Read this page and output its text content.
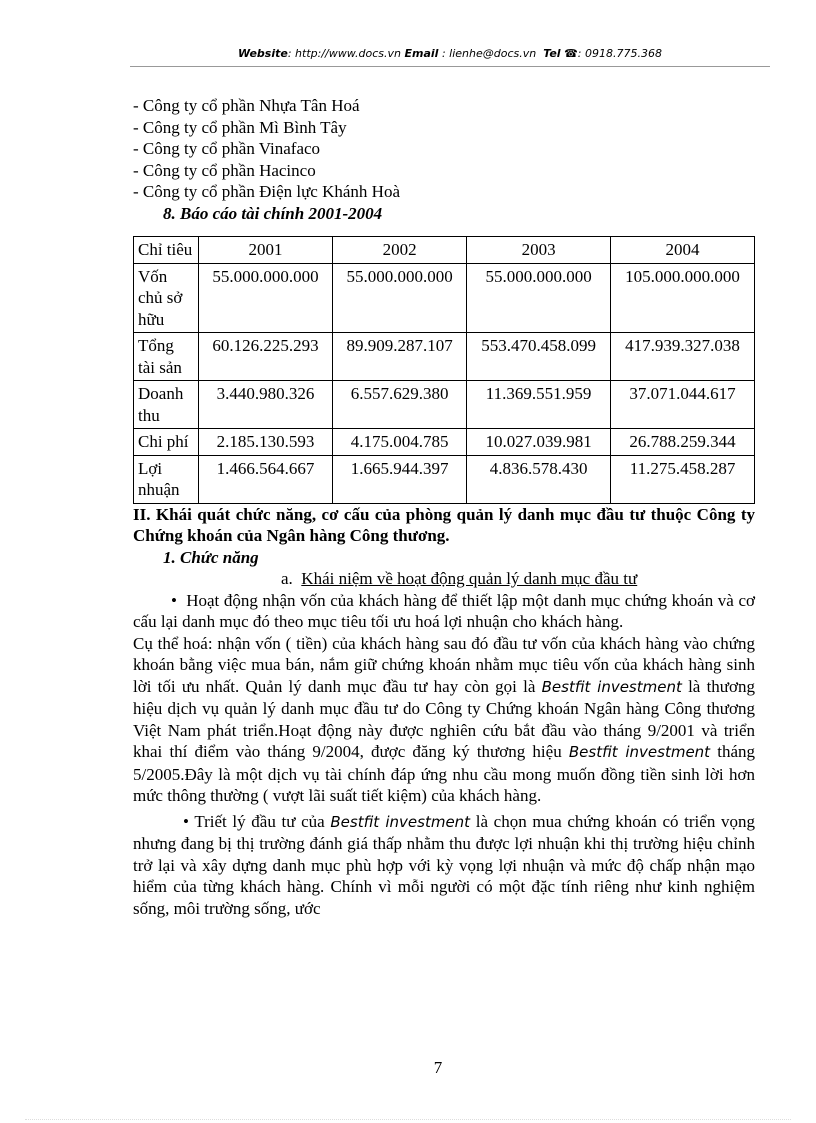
Website: http://www.docs.vn Email : lienhe@docs.vn Tel ☎: 0918.775.368

- Công ty cổ phần Nhựa Tân Hoá

- Công ty cổ phần Mì Bình Tây

- Công ty cổ phần Vinafaco

- Công ty cổ phần Hacinco

- Công ty cổ phần Điện lực Khánh Hoà

8. Báo cáo tài chính 2001-2004

Chỉ tiêu	2001	2002	2003	2004
Vốn chủ sở hữu	55.000.000.000	55.000.000.000	55.000.000.000	105.000.000.000
Tổng tài sản	60.126.225.293	89.909.287.107	553.470.458.099	417.939.327.038
Doanh thu	3.440.980.326	6.557.629.380	11.369.551.959	37.071.044.617
Chi phí	2.185.130.593	4.175.004.785	10.027.039.981	26.788.259.344
Lợi nhuận	1.466.564.667	1.665.944.397	4.836.578.430	11.275.458.287

II. Khái quát chức năng, cơ cấu của phòng quản lý danh mục đầu tư thuộc Công ty Chứng khoán của Ngân hàng Công thương.

1. Chức năng

a. Khái niệm về hoạt động quản lý danh mục đầu tư

• Hoạt động nhận vốn của khách hàng để thiết lập một danh mục chứng khoán và cơ cấu lại danh mục đó theo mục tiêu tối ưu hoá lợi nhuận cho khách hàng.

Cụ thể hoá: nhận vốn ( tiền) của khách hàng sau đó đầu tư vốn của khách hàng vào chứng khoán bằng việc mua bán, nắm giữ chứng khoán nhằm mục tiêu vốn của khách hàng sinh lời tối ưu nhất. Quản lý danh mục đầu tư hay còn gọi là Bestfit investment là thương hiệu dịch vụ quản lý danh mục đầu tư do Công ty Chứng khoán Ngân hàng Công thương Việt Nam phát triển.Hoạt động này được nghiên cứu bắt đầu vào tháng 9/2001 và triển khai thí điểm vào tháng 9/2004, được đăng ký thương hiệu Bestfit investment tháng 5/2005.Đây là một dịch vụ tài chính đáp ứng nhu cầu mong muốn đồng tiền sinh lời hơn mức thông thường ( vượt lãi suất tiết kiệm) của khách hàng.

• Triết lý đầu tư của Bestfit investment là chọn mua chứng khoán có triển vọng nhưng đang bị thị trường đánh giá thấp nhằm thu được lợi nhuận khi thị trường hiệu chỉnh trở lại và xây dựng danh mục phù hợp với kỳ vọng lợi nhuận và mức độ chấp nhận mạo hiểm của từng khách hàng. Chính vì mỗi người có một đặc tính riêng như kinh nghiệm sống, môi trường sống, ước

7
